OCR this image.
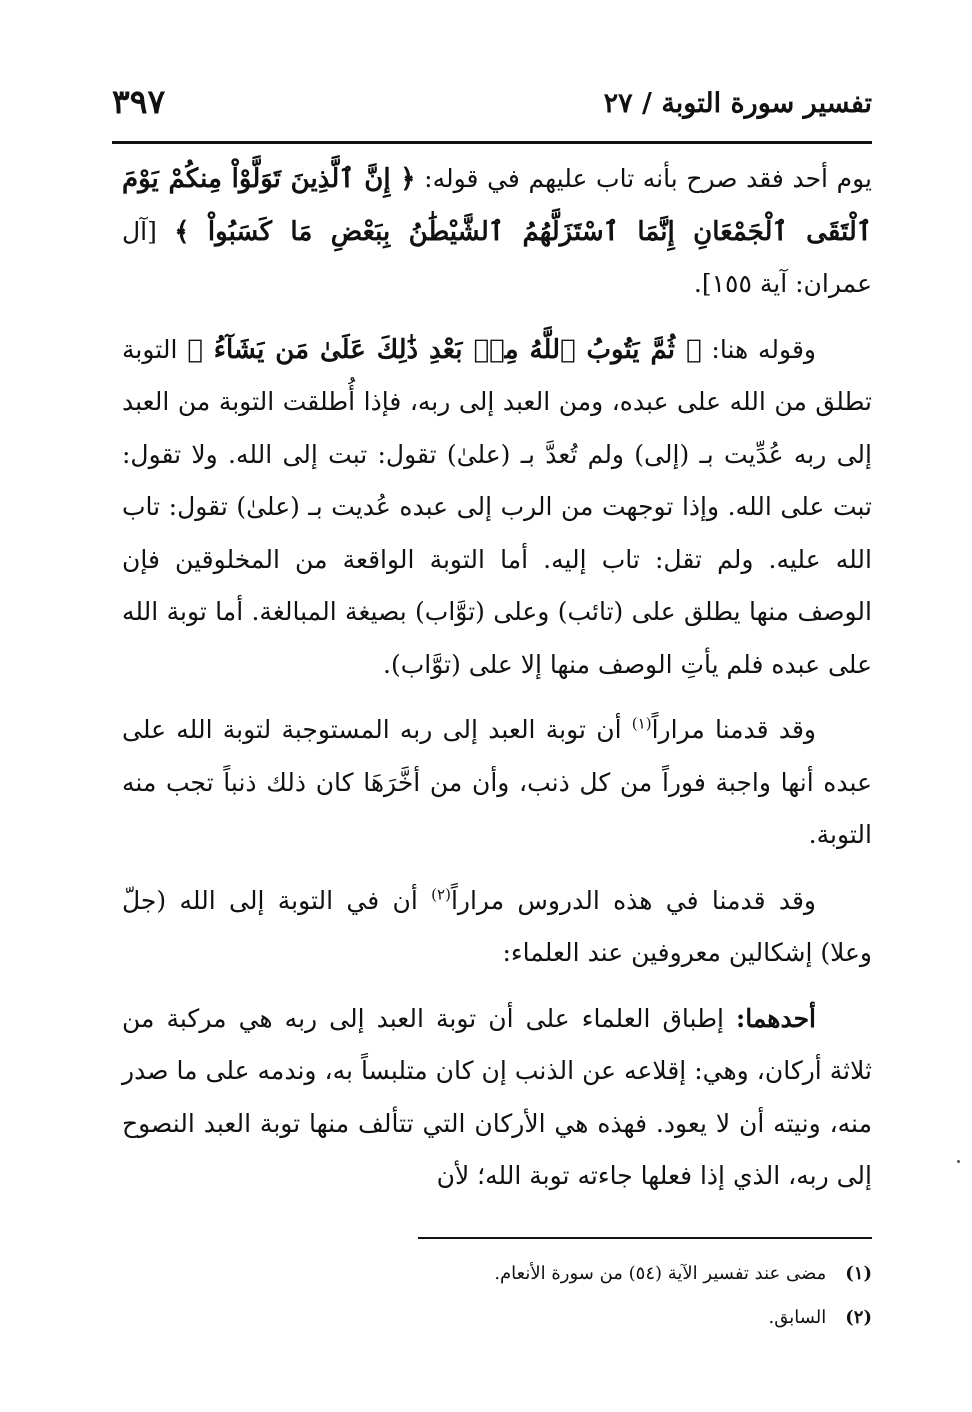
تفسير سورة التوبة / ٢٧
٣٩٧

يوم أحد فقد صرح بأنه تاب عليهم في قوله: ﴿ إِنَّ ٱلَّذِينَ تَوَلَّوْاْ مِنكُمْ يَوْمَ ٱلْتَقَى ٱلْجَمْعَانِ إِنَّمَا ٱسْتَزَلَّهُمُ ٱلشَّيْطَٰنُ بِبَعْضِ مَا كَسَبُواْ ﴾ [آل عمران: آية ١٥٥].

وقوله هنا: ﴿ ثُمَّ يَتُوبُ ٱللَّهُ مِنۢ بَعْدِ ذَٰلِكَ عَلَىٰ مَن يَشَآءُ ﴾ التوبة تطلق من الله على عبده، ومن العبد إلى ربه، فإذا أُطلقت التوبة من العبد إلى ربه عُدِّيت بـ (إلى) ولم تُعدَّ بـ (علىٰ) تقول: تبت إلى الله. ولا تقول: تبت على الله. وإذا توجهت من الرب إلى عبده عُديت بـ (علىٰ) تقول: تاب الله عليه. ولم تقل: تاب إليه. أما التوبة الواقعة من المخلوقين فإن الوصف منها يطلق على (تائب) وعلى (توَّاب) بصيغة المبالغة. أما توبة الله على عبده فلم يأتِ الوصف منها إلا على (توَّاب).

وقد قدمنا مراراً$^{(١)}$ أن توبة العبد إلى ربه المستوجبة لتوبة الله على عبده أنها واجبة فوراً من كل ذنب، وأن من أخَّرَهَا كان ذلك ذنباً تجب منه التوبة.

وقد قدمنا في هذه الدروس مراراً$^{(٢)}$ أن في التوبة إلى الله (جلّ وعلا) إشكالين معروفين عند العلماء:

أحدهما: إطباق العلماء على أن توبة العبد إلى ربه هي مركبة من ثلاثة أركان، وهي: إقلاعه عن الذنب إن كان متلبساً به، وندمه على ما صدر منه، ونيته أن لا يعود. فهذه هي الأركان التي تتألف منها توبة العبد النصوح إلى ربه، الذي إذا فعلها جاءته توبة الله؛ لأن

(١) مضى عند تفسير الآية (٥٤) من سورة الأنعام.

(٢) السابق.
